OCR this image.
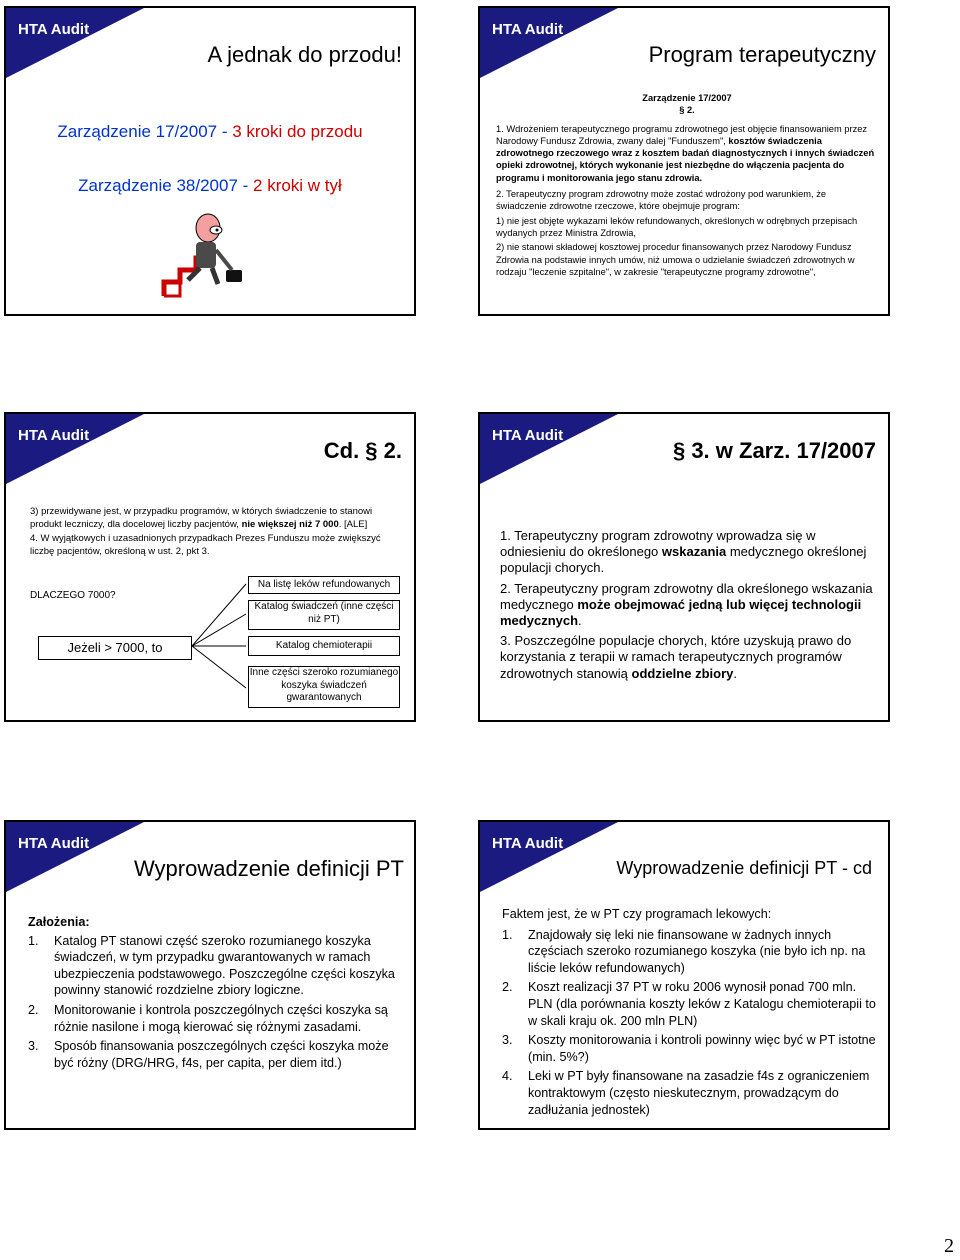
HTA Audit
A jednak do przodu!
Zarządzenie 17/2007 - 3 kroki do przodu
Zarządzenie 38/2007 - 2 kroki w tył
HTA Audit
Program terapeutyczny

Zarządzenie 17/2007

§ 2.

1. Wdrożeniem terapeutycznego programu zdrowotnego jest objęcie finansowaniem przez Narodowy Fundusz Zdrowia, zwany dalej "Funduszem", kosztów świadczenia zdrowotnego rzeczowego wraz z kosztem badań diagnostycznych i innych świadczeń opieki zdrowotnej, których wykonanie jest niezbędne do włączenia pacjenta do programu i monitorowania jego stanu zdrowia.

2. Terapeutyczny program zdrowotny może zostać wdrożony pod warunkiem, że świadczenie zdrowotne rzeczowe, które obejmuje program:

1) nie jest objęte wykazami leków refundowanych, określonych w odrębnych przepisach wydanych przez Ministra Zdrowia,

2) nie stanowi składowej kosztowej procedur finansowanych przez Narodowy Fundusz Zdrowia na podstawie innych umów, niż umowa o udzielanie świadczeń zdrowotnych w rodzaju "leczenie szpitalne", w zakresie "terapeutyczne programy zdrowotne",

HTA Audit
Cd. § 2.

3) przewidywane jest, w przypadku programów, w których świadczenie to stanowi produkt leczniczy, dla docelowej liczby pacjentów, nie większej niż 7 000. [ALE]

4. W wyjątkowych i uzasadnionych przypadkach Prezes Funduszu może zwiększyć liczbę pacjentów, określoną w ust. 2, pkt 3.

DLACZEGO 7000?
Jeżeli > 7000, to
Na listę leków refundowanych
Katalog świadczeń (inne części niż PT)
Katalog chemioterapii
Inne części szeroko rozumianego koszyka świadczeń gwarantowanych
HTA Audit
§ 3. w Zarz. 17/2007

1. Terapeutyczny program zdrowotny wprowadza się w odniesieniu do określonego wskazania medycznego określonej populacji chorych.

2. Terapeutyczny program zdrowotny dla określonego wskazania medycznego może obejmować jedną lub więcej technologii medycznych.

3. Poszczególne populacje chorych, które uzyskują prawo do korzystania z terapii w ramach terapeutycznych programów zdrowotnych stanowią oddzielne zbiory.

HTA Audit
Wyprowadzenie definicji PT

Założenia:

1.	Katalog PT stanowi część szeroko rozumianego koszyka świadczeń, w tym przypadku gwarantowanych w ramach ubezpieczenia podstawowego. Poszczególne części koszyka powinny stanowić rozdzielne zbiory logiczne.
2.	Monitorowanie i kontrola poszczególnych części koszyka są różnie nasilone i mogą kierować się różnymi zasadami.
3.	Sposób finansowania poszczególnych części koszyka może być różny (DRG/HRG, f4s, per capita, per diem itd.)
HTA Audit
Wyprowadzenie definicji PT - cd

Faktem jest, że w PT czy programach lekowych:

1.	Znajdowały się leki nie finansowane w żadnych innych częściach szeroko rozumianego koszyka (nie było ich np. na liście leków refundowanych)
2.	Koszt realizacji 37 PT w roku 2006 wynosił ponad 700 mln. PLN (dla porównania koszty leków z Katalogu chemioterapii to w skali kraju ok. 200 mln PLN)
3.	Koszty monitorowania i kontroli powinny więc być w PT istotne (min. 5%?)
4.	Leki w PT były finansowane na zasadzie f4s z ograniczeniem kontraktowym (często nieskutecznym, prowadzącym do zadłużania jednostek)
2
